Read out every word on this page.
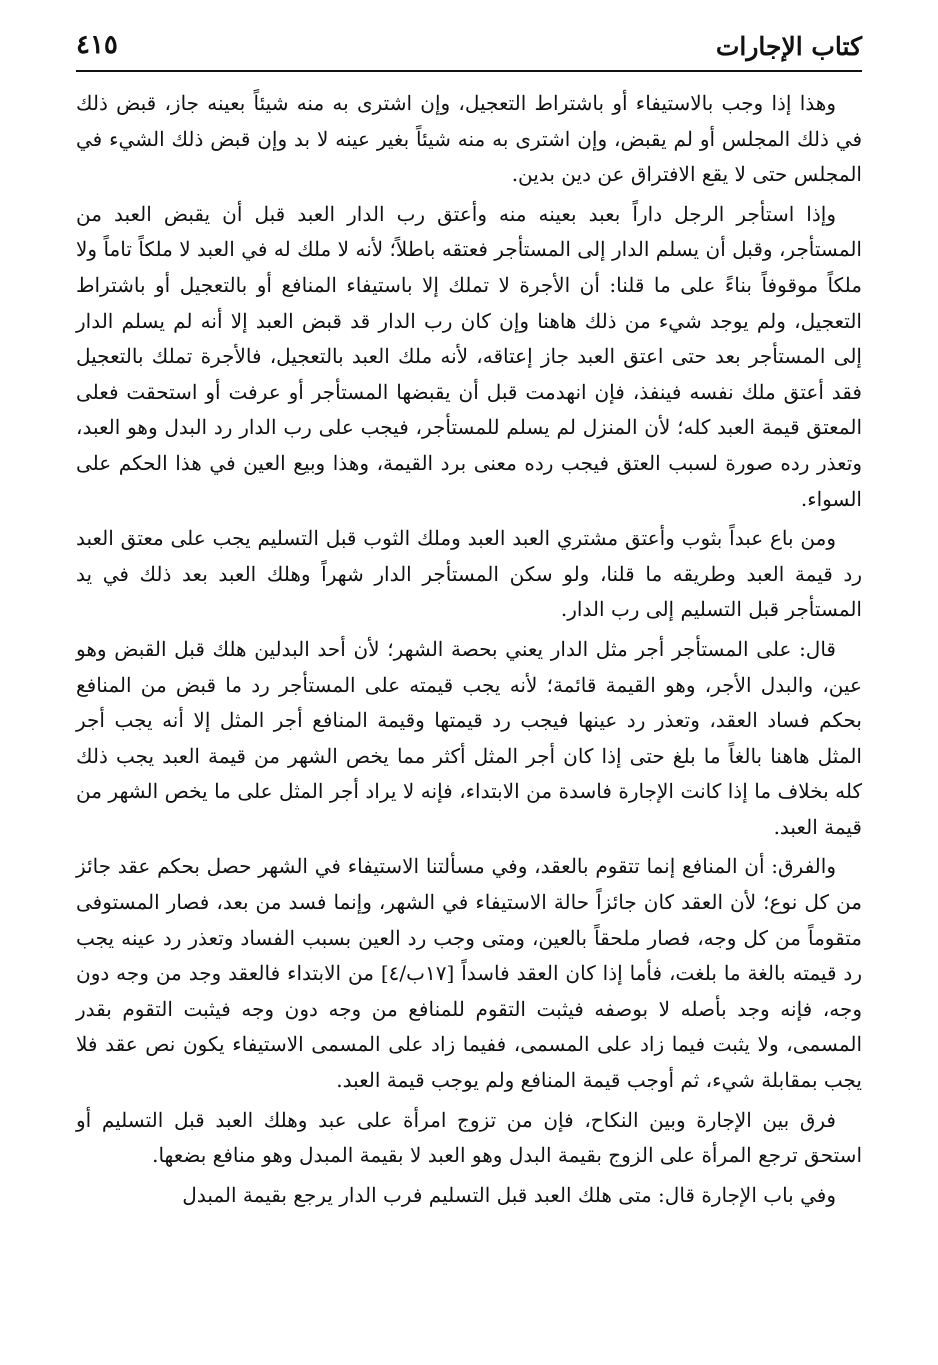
كتاب الإجارات
٤١٥

وهذا إذا وجب بالاستيفاء أو باشتراط التعجيل، وإن اشترى به منه شيئاً بعينه جاز، قبض ذلك في ذلك المجلس أو لم يقبض، وإن اشترى به منه شيئاً بغير عينه لا بد وإن قبض ذلك الشيء في المجلس حتى لا يقع الافتراق عن دين بدين.

وإذا استأجر الرجل داراً بعبد بعينه منه وأعتق رب الدار العبد قبل أن يقبض العبد من المستأجر، وقبل أن يسلم الدار إلى المستأجر فعتقه باطلاً؛ لأنه لا ملك له في العبد لا ملكاً تاماً ولا ملكاً موقوفاً بناءً على ما قلنا: أن الأجرة لا تملك إلا باستيفاء المنافع أو بالتعجيل أو باشتراط التعجيل، ولم يوجد شيء من ذلك هاهنا وإن كان رب الدار قد قبض العبد إلا أنه لم يسلم الدار إلى المستأجر بعد حتى اعتق العبد جاز إعتاقه، لأنه ملك العبد بالتعجيل، فالأجرة تملك بالتعجيل فقد أعتق ملك نفسه فينفذ، فإن انهدمت قبل أن يقبضها المستأجر أو عرفت أو استحقت فعلى المعتق قيمة العبد كله؛ لأن المنزل لم يسلم للمستأجر، فيجب على رب الدار رد البدل وهو العبد، وتعذر رده صورة لسبب العتق فيجب رده معنى برد القيمة، وهذا وبيع العين في هذا الحكم على السواء.

ومن باع عبداً بثوب وأعتق مشتري العبد العبد وملك الثوب قبل التسليم يجب على معتق العبد رد قيمة العبد وطريقه ما قلنا، ولو سكن المستأجر الدار شهراً وهلك العبد بعد ذلك في يد المستأجر قبل التسليم إلى رب الدار.

قال: على المستأجر أجر مثل الدار يعني بحصة الشهر؛ لأن أحد البدلين هلك قبل القبض وهو عين، والبدل الأجر، وهو القيمة قائمة؛ لأنه يجب قيمته على المستأجر رد ما قبض من المنافع بحكم فساد العقد، وتعذر رد عينها فيجب رد قيمتها وقيمة المنافع أجر المثل إلا أنه يجب أجر المثل هاهنا بالغاً ما بلغ حتى إذا كان أجر المثل أكثر مما يخص الشهر من قيمة العبد يجب ذلك كله بخلاف ما إذا كانت الإجارة فاسدة من الابتداء، فإنه لا يراد أجر المثل على ما يخص الشهر من قيمة العبد.

والفرق: أن المنافع إنما تتقوم بالعقد، وفي مسألتنا الاستيفاء في الشهر حصل بحكم عقد جائز من كل نوع؛ لأن العقد كان جائزاً حالة الاستيفاء في الشهر، وإنما فسد من بعد، فصار المستوفى متقوماً من كل وجه، فصار ملحقاً بالعين، ومتى وجب رد العين بسبب الفساد وتعذر رد عينه يجب رد قيمته بالغة ما بلغت، فأما إذا كان العقد فاسداً [١٧ب/٤] من الابتداء فالعقد وجد من وجه دون وجه، فإنه وجد بأصله لا بوصفه فيثبت التقوم للمنافع من وجه دون وجه فيثبت التقوم بقدر المسمى، ولا يثبت فيما زاد على المسمى، ففيما زاد على المسمى الاستيفاء يكون نص عقد فلا يجب بمقابلة شيء، ثم أوجب قيمة المنافع ولم يوجب قيمة العبد.

فرق بين الإجارة وبين النكاح، فإن من تزوج امرأة على عبد وهلك العبد قبل التسليم أو استحق ترجع المرأة على الزوج بقيمة البدل وهو العبد لا بقيمة المبدل وهو منافع بضعها.

وفي باب الإجارة قال: متى هلك العبد قبل التسليم فرب الدار يرجع بقيمة المبدل
